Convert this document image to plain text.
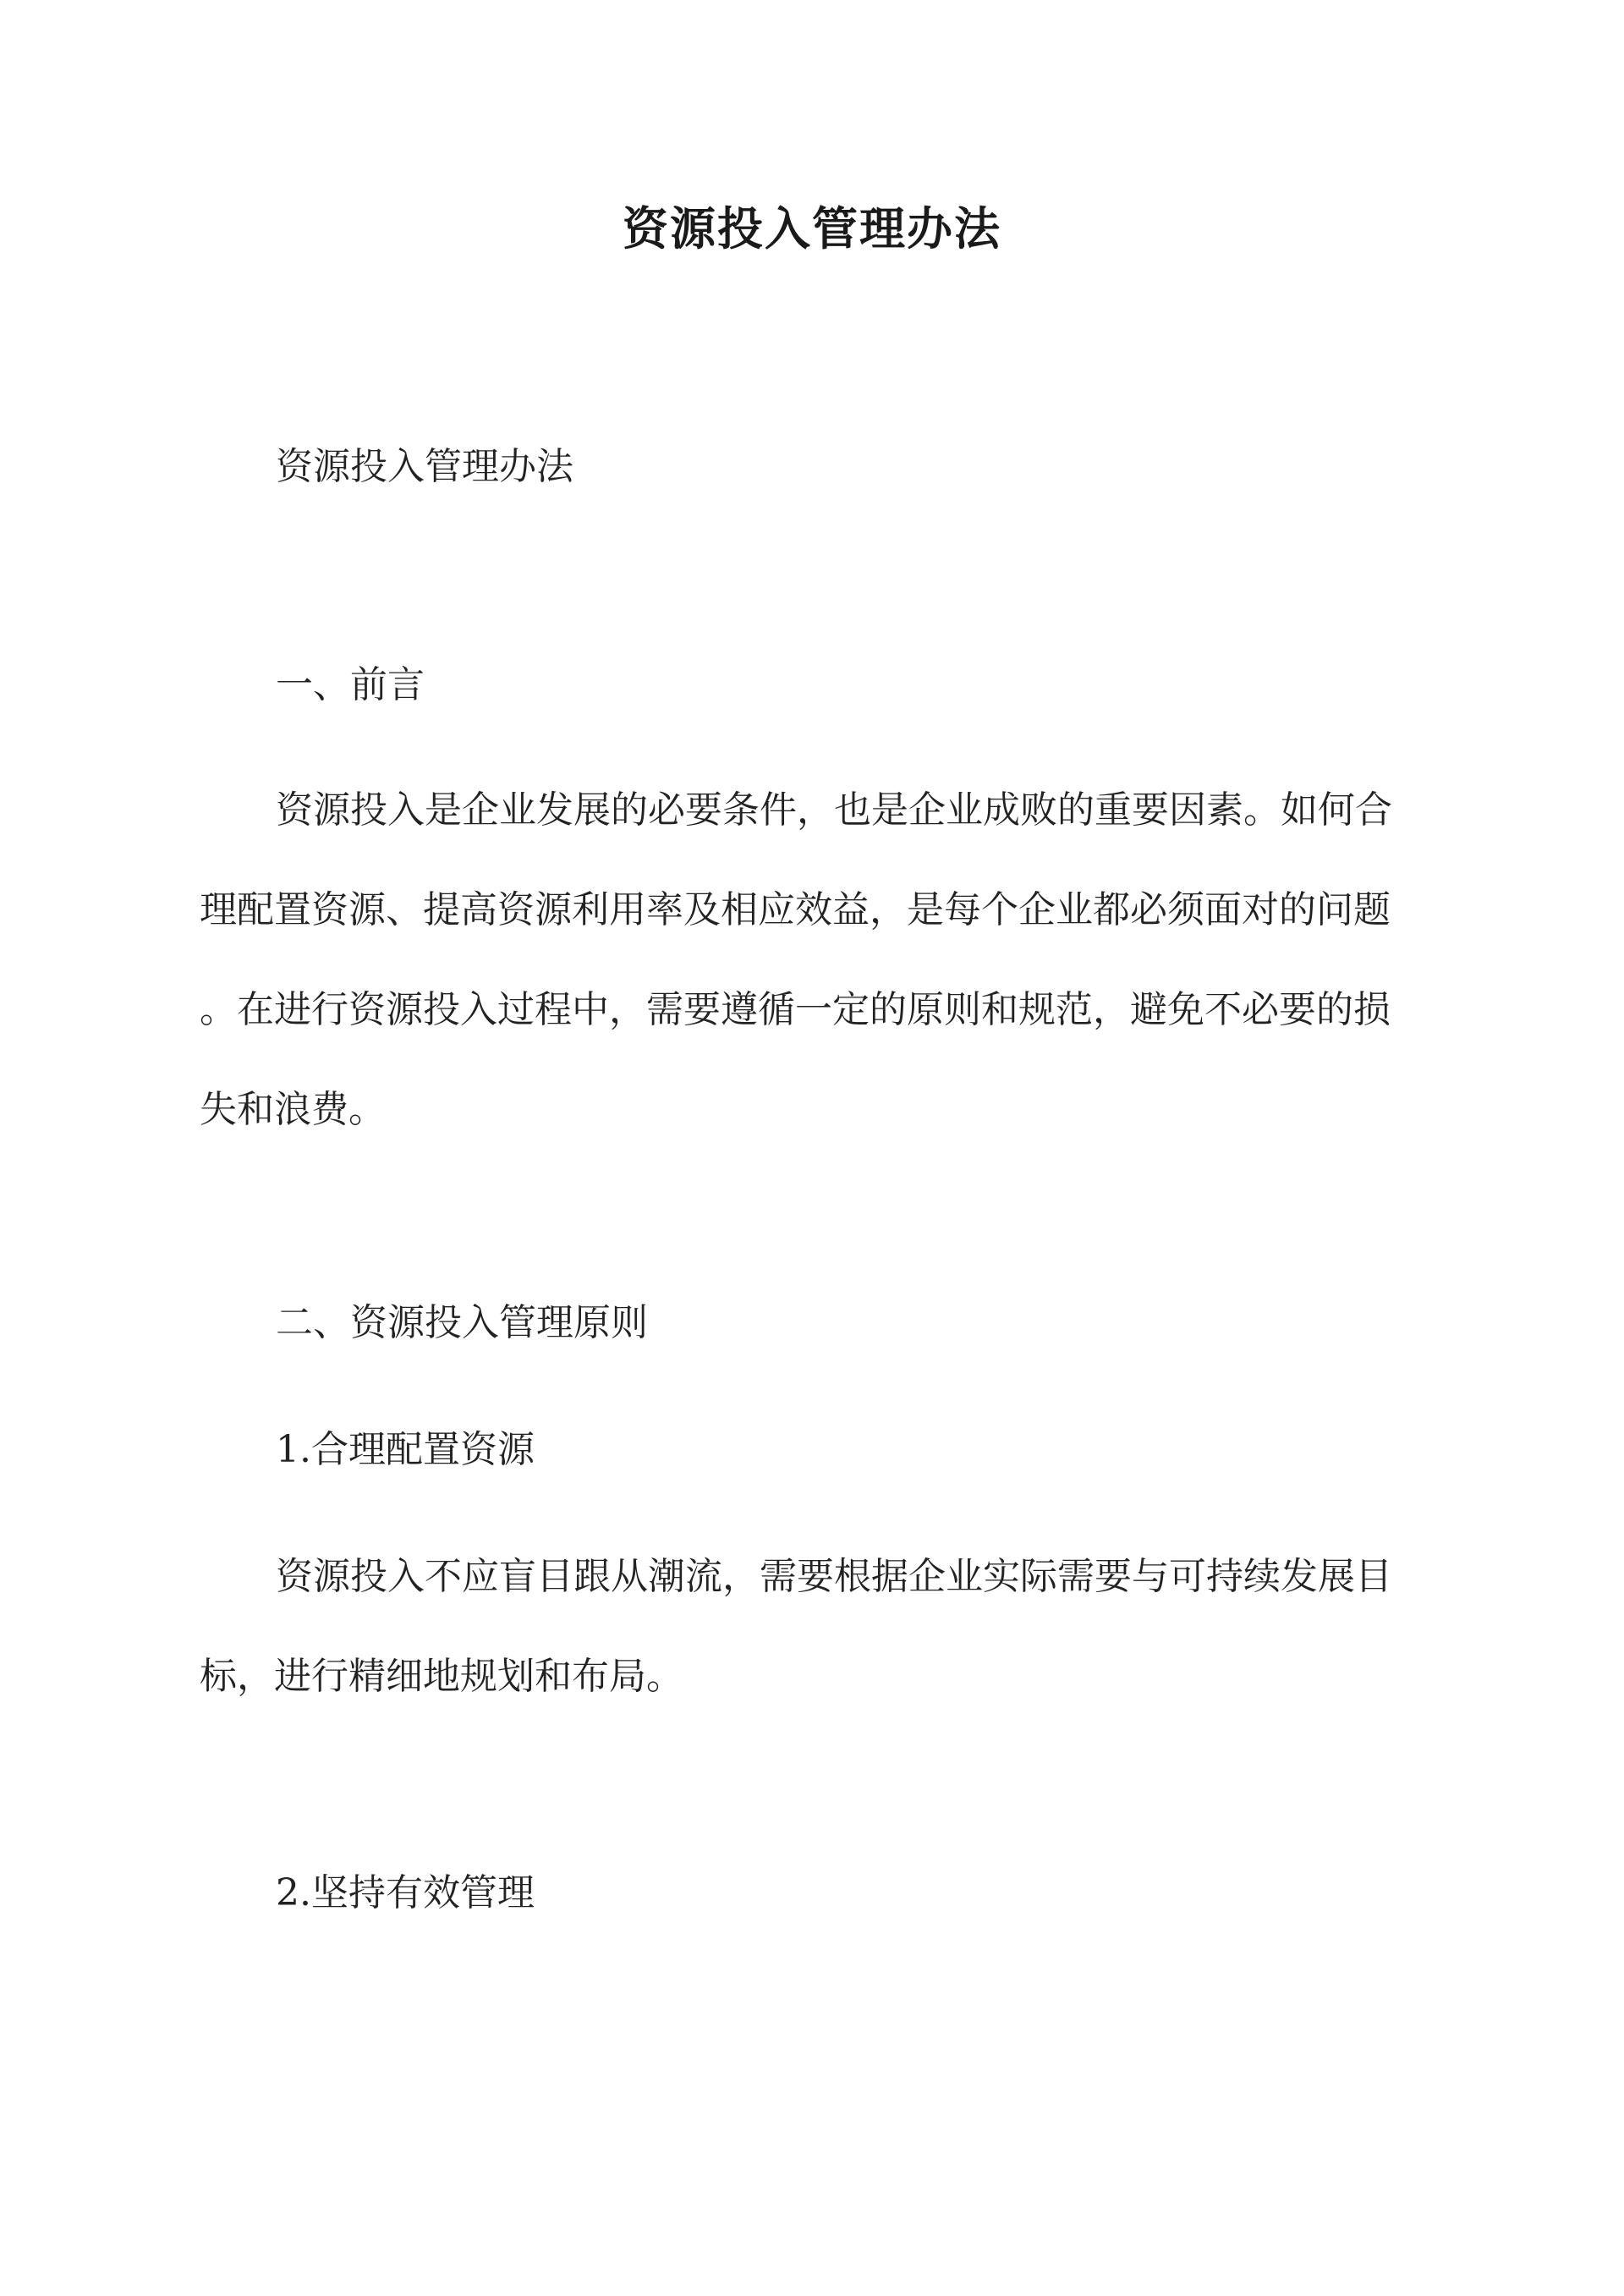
资源投入管理办法

资源投入管理办法

一、前言

资源投入是企业发展的必要条件，也是企业成败的重要因素。如何合

理配置资源、提高资源利用率及相应效益，是每个企业都必须面对的问题

。在进行资源投入过程中，需要遵循一定的原则和规范，避免不必要的损

失和浪费。

二、资源投入管理原则

1.合理配置资源

资源投入不应盲目跟从潮流，需要根据企业实际需要与可持续发展目

标，进行精细地规划和布局。

2.坚持有效管理
